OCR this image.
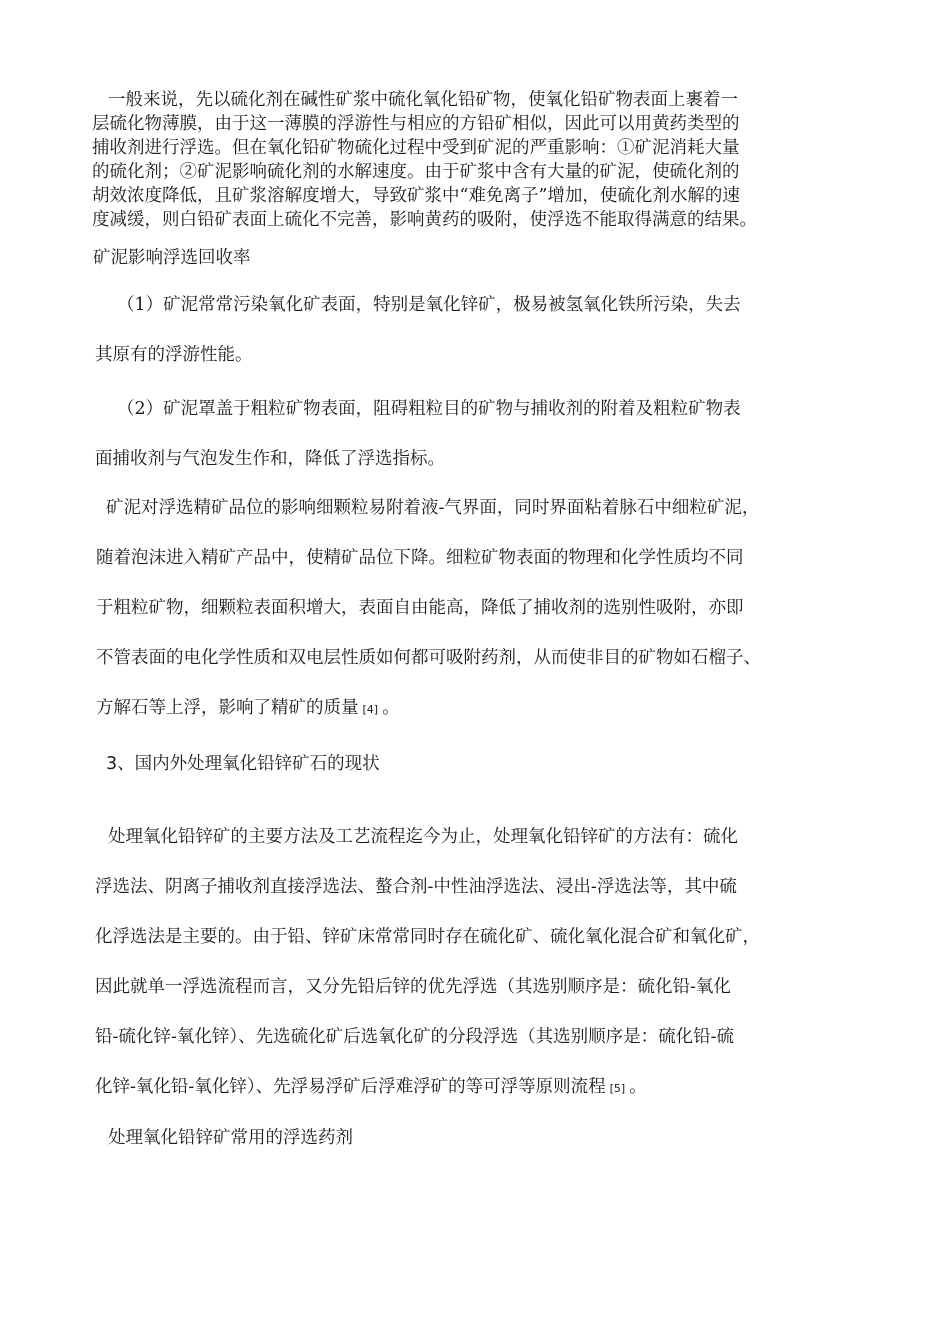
一般来说，先以硫化剂在碱性矿浆中硫化氧化铅矿物，使氧化铅矿物表面上裹着一
层硫化物薄膜，由于这一薄膜的浮游性与相应的方铅矿相似，因此可以用黄药类型的
捕收剂进行浮选。但在氧化铅矿物硫化过程中受到矿泥的严重影响：①矿泥消耗大量
的硫化剂；②矿泥影响硫化剂的水解速度。由于矿浆中含有大量的矿泥，使硫化剂的
胡效浓度降低，且矿浆溶解度增大，导致矿浆中“难免离子”增加，使硫化剂水解的速
度减缓，则白铅矿表面上硫化不完善，影响黄药的吸附，使浮选不能取得满意的结果。
矿泥影响浮选回收率
（1）矿泥常常污染氧化矿表面，特别是氧化锌矿，极易被氢氧化铁所污染，失去
其原有的浮游性能。
（2）矿泥罩盖于粗粒矿物表面，阻碍粗粒目的矿物与捕收剂的附着及粗粒矿物表
面捕收剂与气泡发生作和，降低了浮选指标。
矿泥对浮选精矿品位的影响细颗粒易附着液-气界面，同时界面粘着脉石中细粒矿泥，
随着泡沫进入精矿产品中，使精矿品位下降。细粒矿物表面的物理和化学性质均不同
于粗粒矿物，细颗粒表面积增大，表面自由能高，降低了捕收剂的选别性吸附，亦即
不管表面的电化学性质和双电层性质如何都可吸附药剂，从而使非目的矿物如石榴子、
方解石等上浮，影响了精矿的质量 [4] 。
3、国内外处理氧化铅锌矿石的现状
处理氧化铅锌矿的主要方法及工艺流程迄今为止，处理氧化铅锌矿的方法有：硫化
浮选法、阴离子捕收剂直接浮选法、螯合剂-中性油浮选法、浸出-浮选法等，其中硫
化浮选法是主要的。由于铅、锌矿床常常同时存在硫化矿、硫化氧化混合矿和氧化矿，
因此就单一浮选流程而言，又分先铅后锌的优先浮选（其选别顺序是：硫化铅-氧化
铅-硫化锌-氧化锌）、先选硫化矿后选氧化矿的分段浮选（其选别顺序是：硫化铅-硫
化锌-氧化铅-氧化锌）、先浮易浮矿后浮难浮矿的等可浮等原则流程 [5] 。
处理氧化铅锌矿常用的浮选药剂
